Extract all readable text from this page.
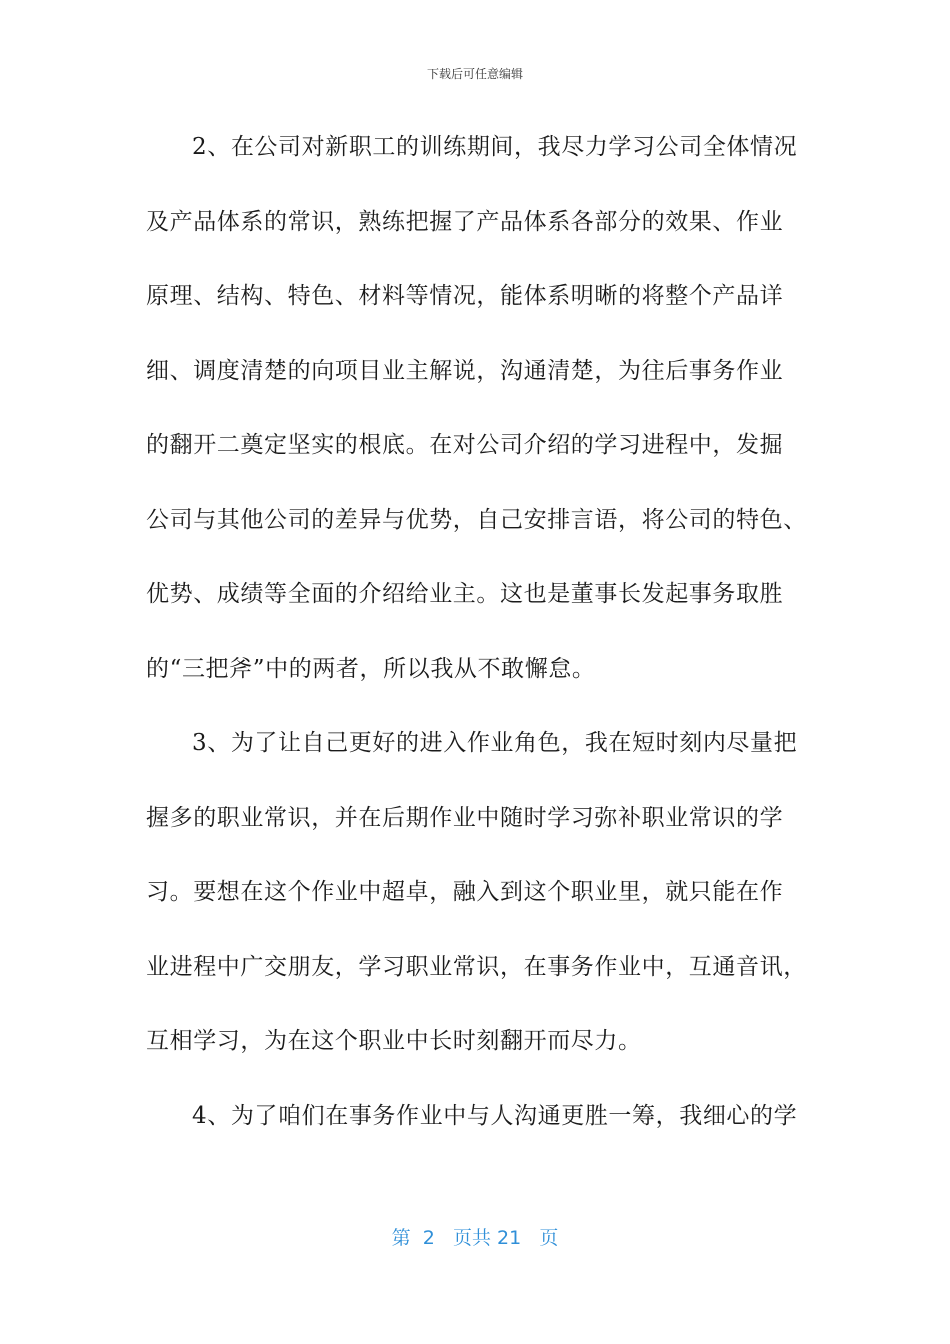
下载后可任意编辑
2、在公司对新职工的训练期间，我尽力学习公司全体情况
及产品体系的常识，熟练把握了产品体系各部分的效果、作业
原理、结构、特色、材料等情况，能体系明晰的将整个产品详
细、调度清楚的向项目业主解说，沟通清楚，为往后事务作业
的翻开二奠定坚实的根底。在对公司介绍的学习进程中，发掘
公司与其他公司的差异与优势，自己安排言语，将公司的特色、
优势、成绩等全面的介绍给业主。这也是董事长发起事务取胜
的“三把斧”中的两者，所以我从不敢懈怠。
3、为了让自己更好的进入作业角色，我在短时刻内尽量把
握多的职业常识，并在后期作业中随时学习弥补职业常识的学
习。要想在这个作业中超卓，融入到这个职业里，就只能在作
业进程中广交朋友，学习职业常识，在事务作业中，互通音讯，
互相学习，为在这个职业中长时刻翻开而尽力。
4、为了咱们在事务作业中与人沟通更胜一筹，我细心的学
第 2 页共 21 页
